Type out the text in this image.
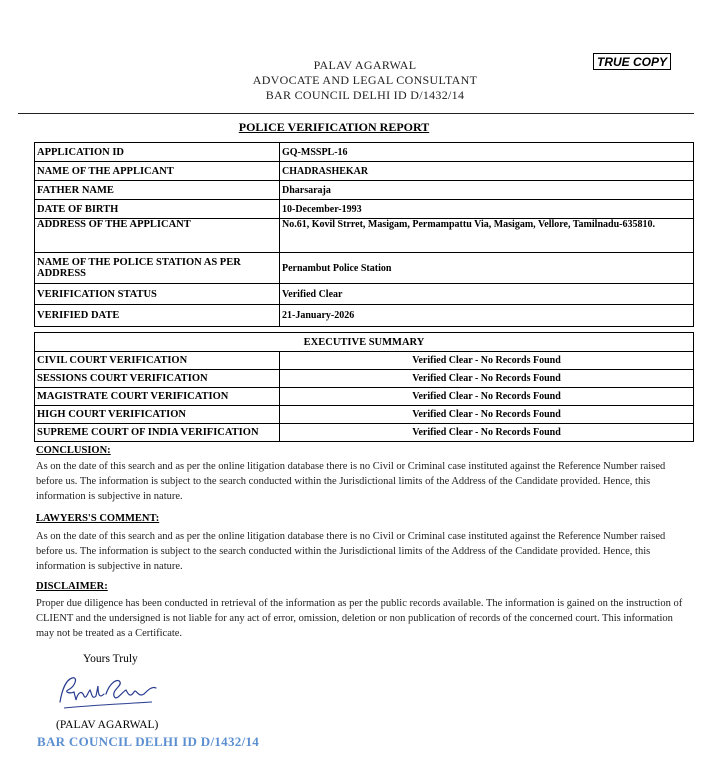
PALAV AGARWAL
ADVOCATE AND LEGAL CONSULTANT
BAR COUNCIL DELHI ID D/1432/14
TRUE COPY
POLICE VERIFICATION REPORT
APPLICATION ID	GQ-MSSPL-16
NAME OF THE APPLICANT	CHADRASHEKAR
FATHER NAME	Dharsaraja
DATE OF BIRTH	10-December-1993
ADDRESS OF THE APPLICANT	No.61, Kovil Strret, Masigam, Permampattu Via, Masigam, Vellore, Tamilnadu-635810.
NAME OF THE POLICE STATION AS PER ADDRESS	Pernambut Police Station
VERIFICATION STATUS	Verified Clear
VERIFIED DATE	21-January-2026
EXECUTIVE SUMMARY	
CIVIL COURT VERIFICATION	Verified Clear - No Records Found
SESSIONS COURT VERIFICATION	Verified Clear - No Records Found
MAGISTRATE COURT VERIFICATION	Verified Clear - No Records Found
HIGH COURT VERIFICATION	Verified Clear - No Records Found
SUPREME COURT OF INDIA VERIFICATION	Verified Clear - No Records Found
CONCLUSION:
As on the date of this search and as per the online litigation database there is no Civil or Criminal case instituted against the Reference Number raised before us. The information is subject to the search conducted within the Jurisdictional limits of the Address of the Candidate provided. Hence, this information is subjective in nature.
LAWYERS'S COMMENT:
As on the date of this search and as per the online litigation database there is no Civil or Criminal case instituted against the Reference Number raised before us. The information is subject to the search conducted within the Jurisdictional limits of the Address of the Candidate provided. Hence, this information is subjective in nature.
DISCLAIMER:
Proper due diligence has been conducted in retrieval of the information as per the public records available. The information is gained on the instruction of CLIENT and the undersigned is not liable for any act of error, omission, deletion or non publication of records of the concerned court. This information may not be treated as a Certificate.
Yours Truly
(PALAV AGARWAL)
BAR COUNCIL DELHI ID D/1432/14
